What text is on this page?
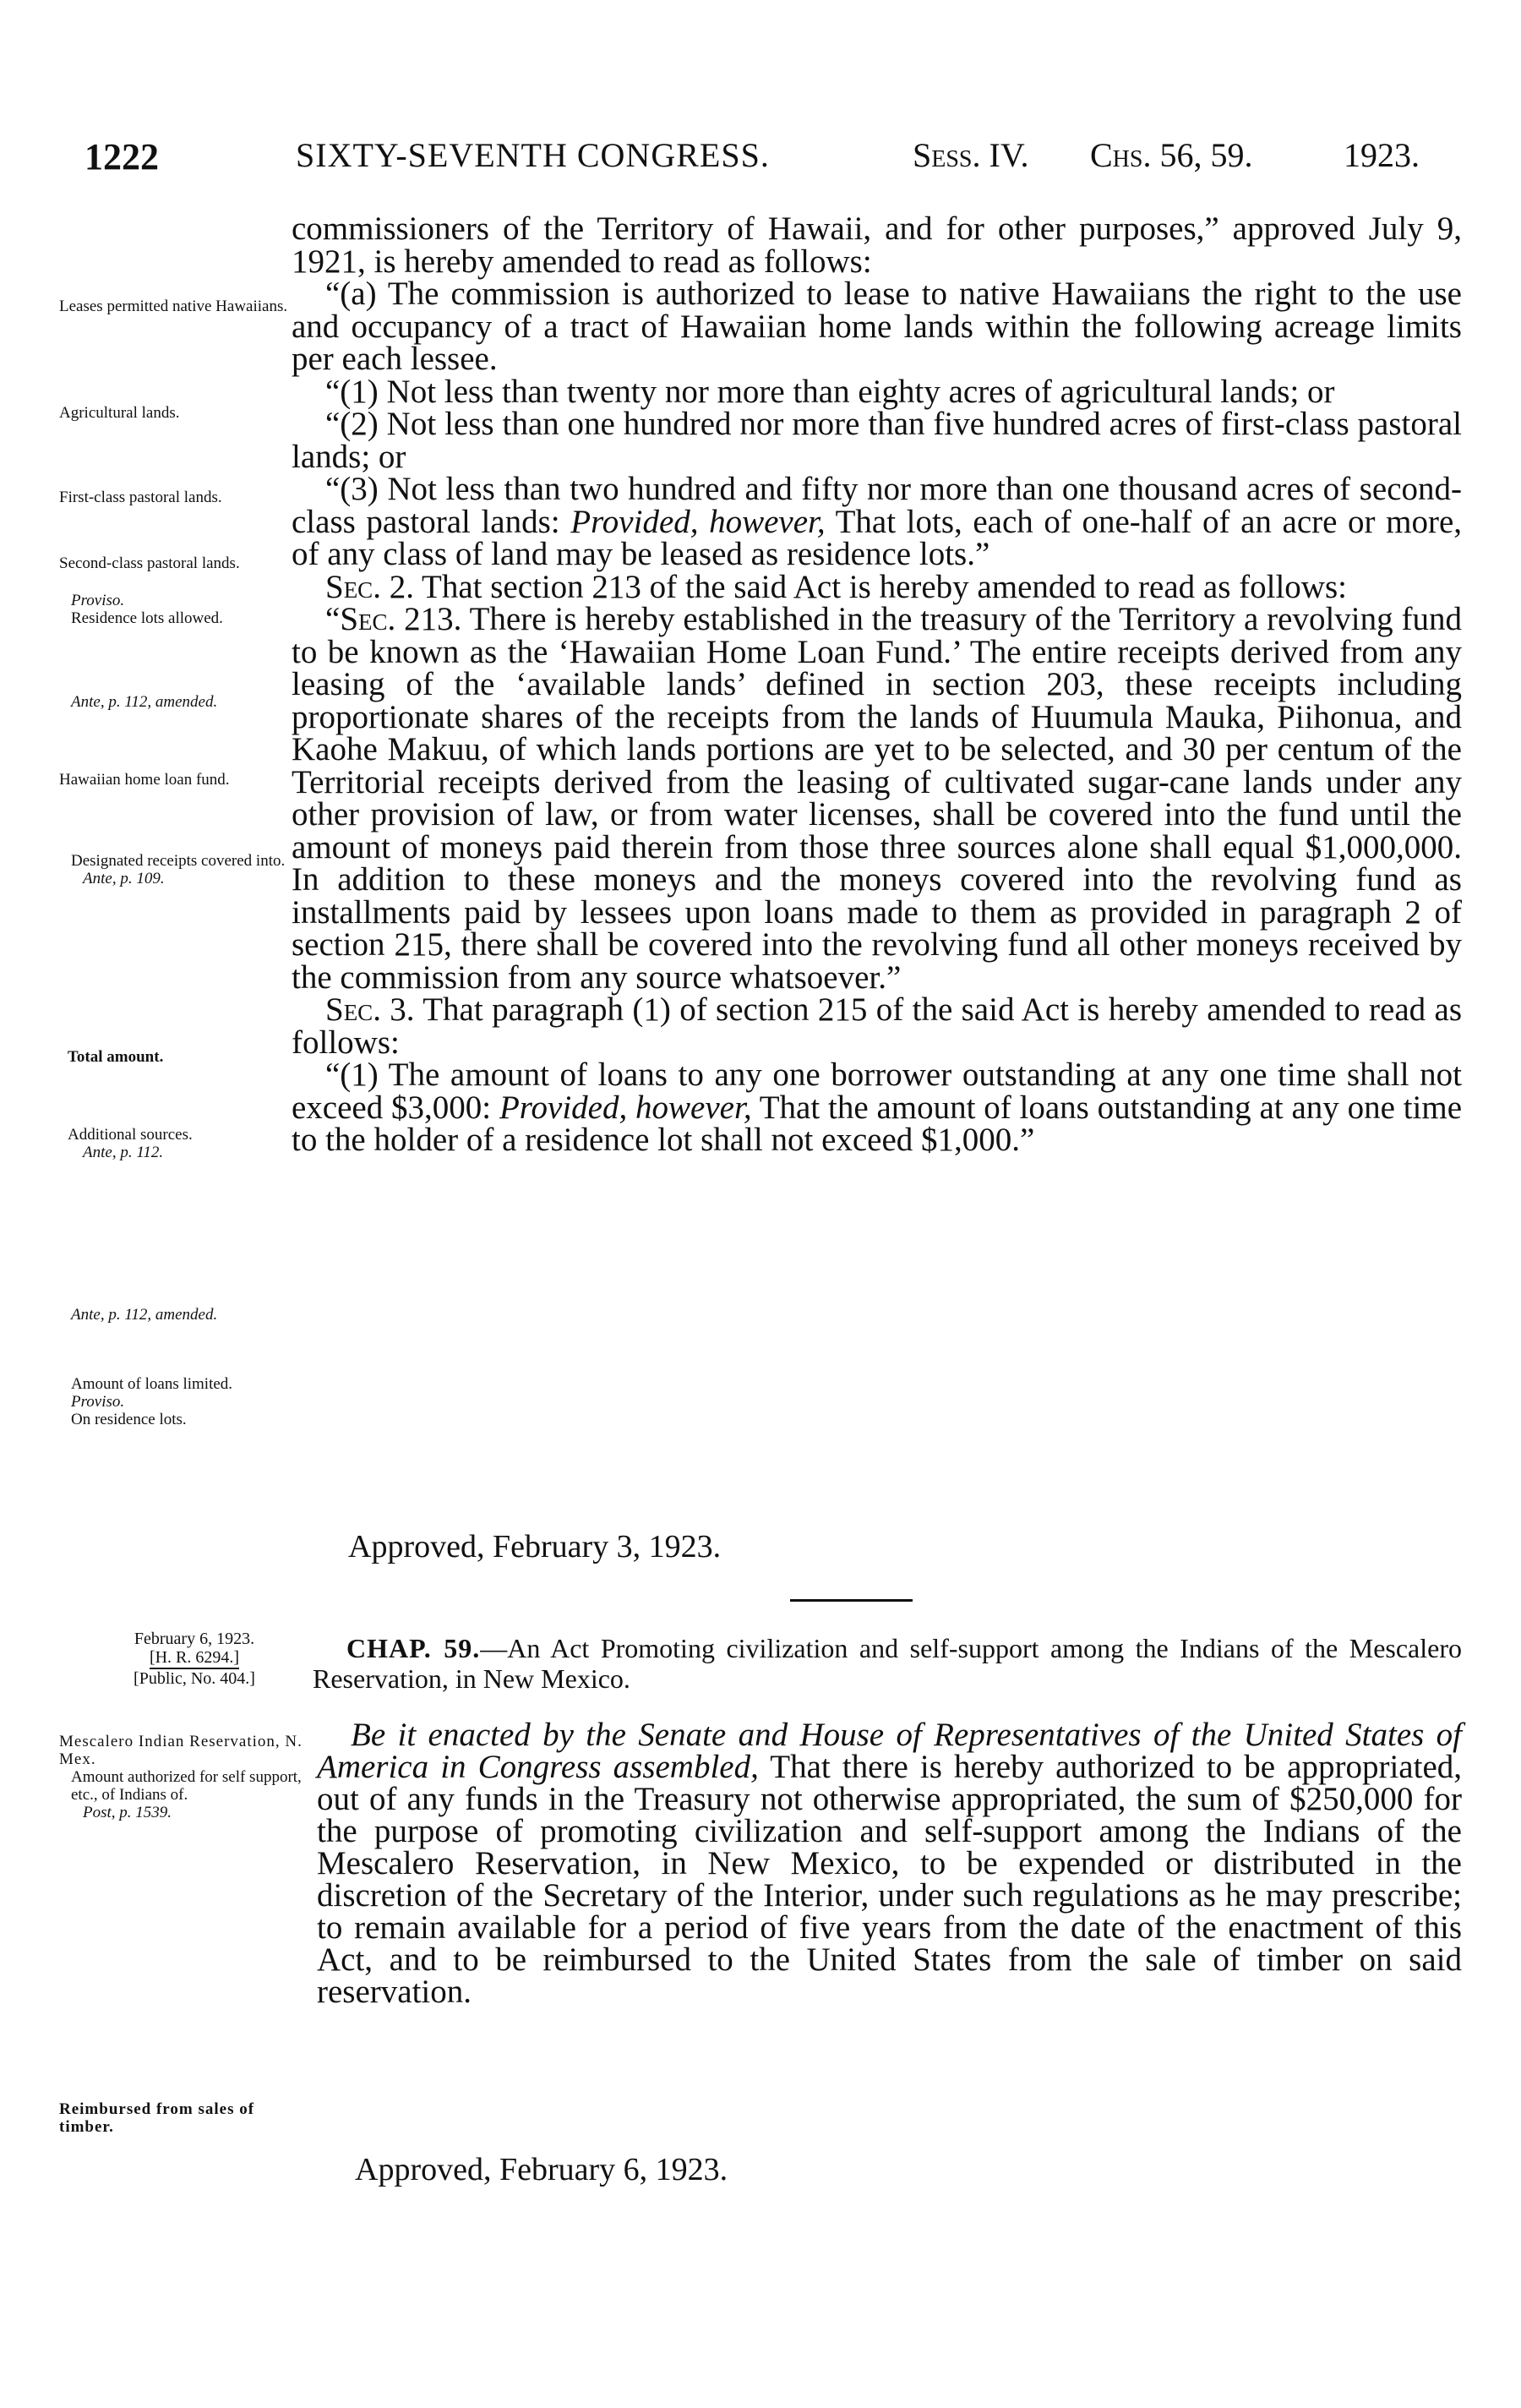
1222	SIXTY-SEVENTH CONGRESS.	Sess. IV. Chs. 56, 59.	1923.
Leases permitted native Hawaiians.
Agricultural lands.
First-class pastoral lands.
Second-class pastoral lands.
Proviso.
Residence lots allowed.
Ante, p. 112, amended.
Hawaiian home loan fund.
Designated receipts covered into.
Ante, p. 109.
Total amount.
Additional sources.
Ante, p. 112.
Ante, p. 112, amended.
Amount of loans limited.
Proviso.
On residence lots.

commissioners of the Territory of Hawaii, and for other purposes,” approved July 9, 1921, is hereby amended to read as follows:

“(a) The commission is authorized to lease to native Hawaiians the right to the use and occupancy of a tract of Hawaiian home lands within the following acreage limits per each lessee.

“(1) Not less than twenty nor more than eighty acres of agricultural lands; or

“(2) Not less than one hundred nor more than five hundred acres of first-class pastoral lands; or

“(3) Not less than two hundred and fifty nor more than one thousand acres of second-class pastoral lands: Provided, however, That lots, each of one-half of an acre or more, of any class of land may be leased as residence lots.”

Sec. 2. That section 213 of the said Act is hereby amended to read as follows:

“Sec. 213. There is hereby established in the treasury of the Territory a revolving fund to be known as the ‘Hawaiian Home Loan Fund.’ The entire receipts derived from any leasing of the ‘available lands’ defined in section 203, these receipts including proportionate shares of the receipts from the lands of Huumula Mauka, Piihonua, and Kaohe Makuu, of which lands portions are yet to be selected, and 30 per centum of the Territorial receipts derived from the leasing of cultivated sugar-cane lands under any other provision of law, or from water licenses, shall be covered into the fund until the amount of moneys paid therein from those three sources alone shall equal $1,000,000. In addition to these moneys and the moneys covered into the revolving fund as installments paid by lessees upon loans made to them as provided in paragraph 2 of section 215, there shall be covered into the revolving fund all other moneys received by the commission from any source whatsoever.”

Sec. 3. That paragraph (1) of section 215 of the said Act is hereby amended to read as follows:

“(1) The amount of loans to any one borrower outstanding at any one time shall not exceed $3,000: Provided, however, That the amount of loans outstanding at any one time to the holder of a residence lot shall not exceed $1,000.”

Approved, February 3, 1923.
February 6, 1923.
[H. R. 6294.]
[Public, No. 404.]
CHAP. 59.—An Act Promoting civilization and self-support among the Indians of the Mescalero Reservation, in New Mexico.
Mescalero Indian Reservation, N. Mex.
Amount authorized for self support, etc., of Indians of.
Post, p. 1539.
Reimbursed from sales of timber.

Be it enacted by the Senate and House of Representatives of the United States of America in Congress assembled, That there is hereby authorized to be appropriated, out of any funds in the Treasury not otherwise appropriated, the sum of $250,000 for the purpose of promoting civilization and self-support among the Indians of the Mescalero Reservation, in New Mexico, to be expended or distributed in the discretion of the Secretary of the Interior, under such regulations as he may prescribe; to remain available for a period of five years from the date of the enactment of this Act, and to be reimbursed to the United States from the sale of timber on said reservation.

Approved, February 6, 1923.
